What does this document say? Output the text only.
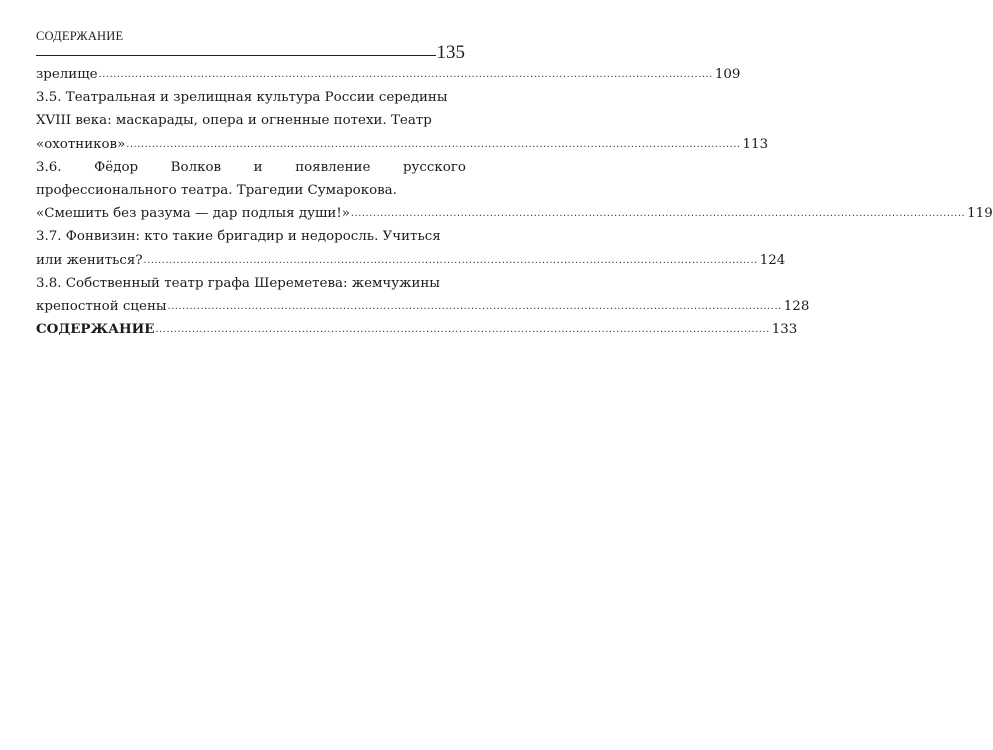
СОДЕРЖАНИЕ
135
зрелище ........................................................................................................................................................................ 109
3.5. Театральная и зрелищная культура России середины
XVIII века: маскарады, опера и огненные потехи. Театр
«охотников» ........................................................................................................................................................................ 113
3.6. Фёдор Волков и появление русского
профессионального театра. Трагедии Сумарокова.
«Смешить без разума — дар подлыя души!» ........................................................................................................................................................................ 119
3.7. Фонвизин: кто такие бригадир и недоросль. Учиться
или жениться? ........................................................................................................................................................................ 124
3.8. Собственный театр графа Шереметева: жемчужины
крепостной сцены ........................................................................................................................................................................ 128
СОДЕРЖАНИЕ ........................................................................................................................................................................ 133
